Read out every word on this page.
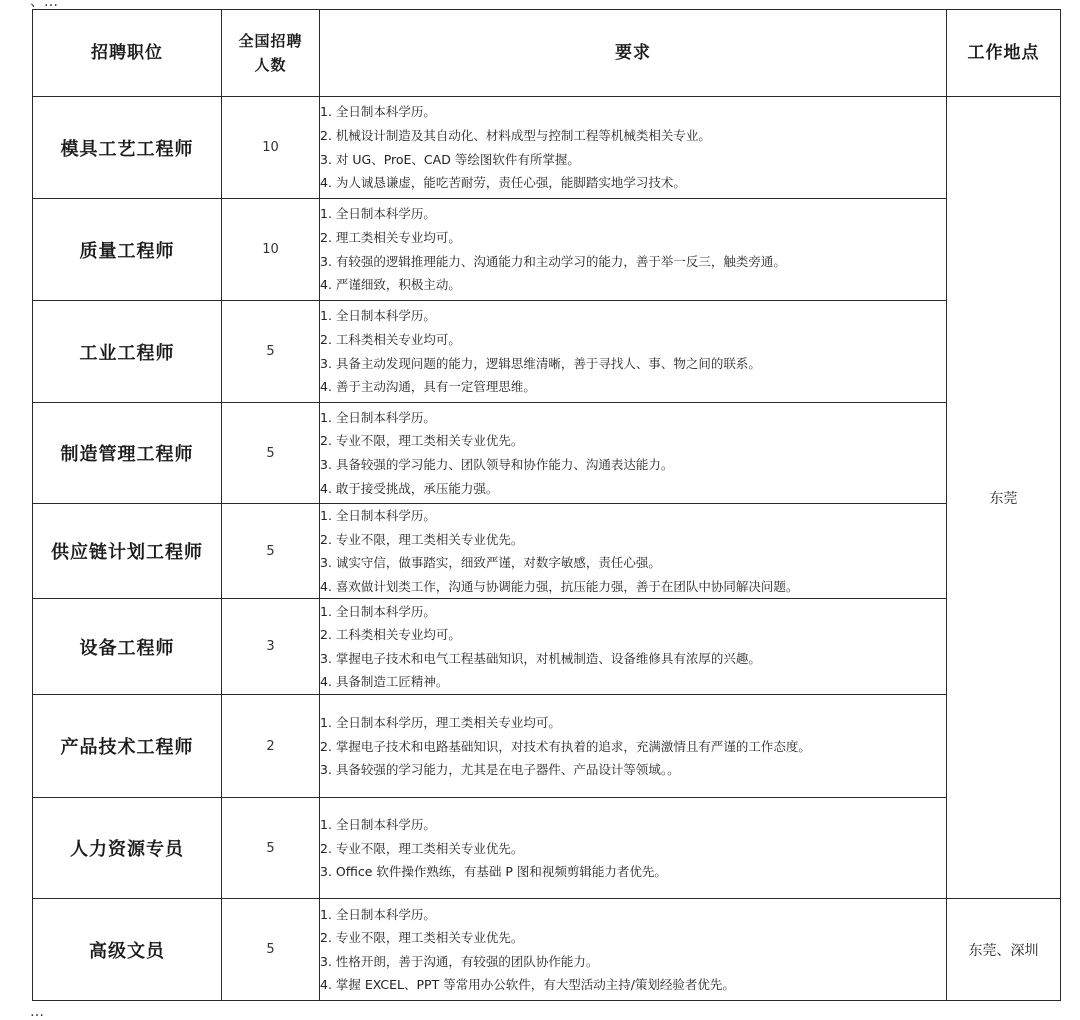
、…
招聘职位	全国招聘
人数	要求	工作地点
模具工艺工程师	10	1. 全日制本科学历。
2. 机械设计制造及其自动化、材料成型与控制工程等机械类相关专业。
3. 对 UG、ProE、CAD 等绘图软件有所掌握。
4. 为人诚恳谦虚，能吃苦耐劳，责任心强，能脚踏实地学习技术。	东莞
质量工程师	10	1. 全日制本科学历。
2. 理工类相关专业均可。
3. 有较强的逻辑推理能力、沟通能力和主动学习的能力，善于举一反三，触类旁通。
4. 严谨细致，积极主动。	

工业工程师	5	1. 全日制本科学历。
2. 工科类相关专业均可。
3. 具备主动发现问题的能力，逻辑思维清晰，善于寻找人、事、物之间的联系。
4. 善于主动沟通，具有一定管理思维。	

制造管理工程师	5	1. 全日制本科学历。
2. 专业不限，理工类相关专业优先。
3. 具备较强的学习能力、团队领导和协作能力、沟通表达能力。
4. 敢于接受挑战，承压能力强。	

供应链计划工程师	5	1. 全日制本科学历。
2. 专业不限，理工类相关专业优先。
3. 诚实守信，做事踏实，细致严谨，对数字敏感，责任心强。
4. 喜欢做计划类工作，沟通与协调能力强，抗压能力强，善于在团队中协同解决问题。	

设备工程师	3	1. 全日制本科学历。
2. 工科类相关专业均可。
3. 掌握电子技术和电气工程基础知识，对机械制造、设备维修具有浓厚的兴趣。
4. 具备制造工匠精神。	

产品技术工程师	2	1. 全日制本科学历，理工类相关专业均可。
2. 掌握电子技术和电路基础知识，对技术有执着的追求，充满激情且有严谨的工作态度。
3. 具备较强的学习能力，尤其是在电子器件、产品设计等领域。。	

人力资源专员	5	1. 全日制本科学历。
2. 专业不限，理工类相关专业优先。
3. Office 软件操作熟练，有基础 P 图和视频剪辑能力者优先。	

高级文员	5	1. 全日制本科学历。
2. 专业不限，理工类相关专业优先。
3. 性格开朗，善于沟通，有较强的团队协作能力。
4. 掌握 EXCEL、PPT 等常用办公软件，有大型活动主持/策划经验者优先。	东莞、深圳
…
